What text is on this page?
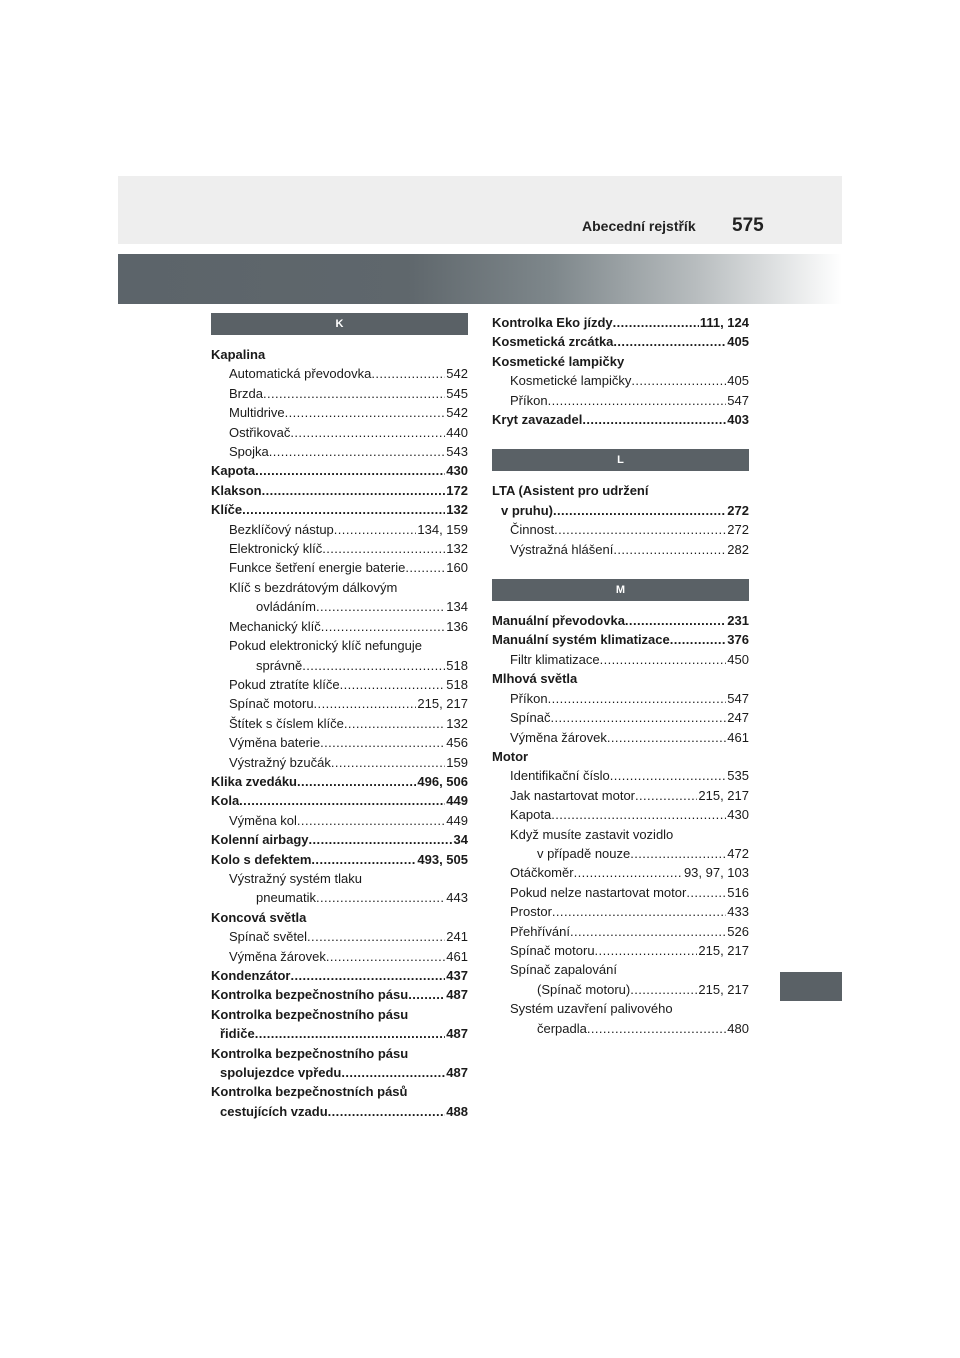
Abecední rejstřík 575
K
Kapalina
Automatická převodovka .....	542
Brzda .....	545
Multidrive .....	542
Ostřikovač .....	440
Spojka .....	543
Kapota .....	430
Klakson .....	172
Klíče .....	132
Bezklíčový nástup .....	134, 159
Elektronický klíč .....	132
Funkce šetření energie baterie .....	160
Klíč s bezdrátovým dálkovým
ovládáním .....	134
Mechanický klíč .....	136
Pokud elektronický klíč nefunguje
správně .....	518
Pokud ztratíte klíče .....	518
Spínač motoru .....	215, 217
Štítek s číslem klíče .....	132
Výměna baterie .....	456
Výstražný bzučák .....	159
Klika zvedáku .....	496, 506
Kola .....	449
Výměna kol .....	449
Kolenní airbagy .....	34
Kolo s defektem .....	493, 505
Výstražný systém tlaku
pneumatik .....	443
Koncová světla
Spínač světel .....	241
Výměna žárovek .....	461
Kondenzátor .....	437
Kontrolka bezpečnostního pásu .....	487
Kontrolka bezpečnostního pásu
řidiče .....	487
Kontrolka bezpečnostního pásu
spolujezdce vpředu .....	487
Kontrolka bezpečnostních pásů
cestujících vzadu .....	488
Kontrolka Eko jízdy .....	111, 124
Kosmetická zrcátka .....	405
Kosmetické lampičky
Kosmetické lampičky .....	405
Příkon .....	547
Kryt zavazadel .....	403
L
LTA (Asistent pro udržení
v pruhu) .....	272
Činnost .....	272
Výstražná hlášení .....	282
M
Manuální převodovka .....	231
Manuální systém klimatizace .....	376
Filtr klimatizace .....	450
Mlhová světla
Příkon .....	547
Spínač .....	247
Výměna žárovek .....	461
Motor
Identifikační číslo .....	535
Jak nastartovat motor .....	215, 217
Kapota .....	430
Když musíte zastavit vozidlo
v případě nouze .....	472
Otáčkoměr .....	93, 97, 103
Pokud nelze nastartovat motor .....	516
Prostor .....	433
Přehřívání .....	526
Spínač motoru .....	215, 217
Spínač zapalování
(Spínač motoru) .....	215, 217
Systém uzavření palivového
čerpadla .....	480
